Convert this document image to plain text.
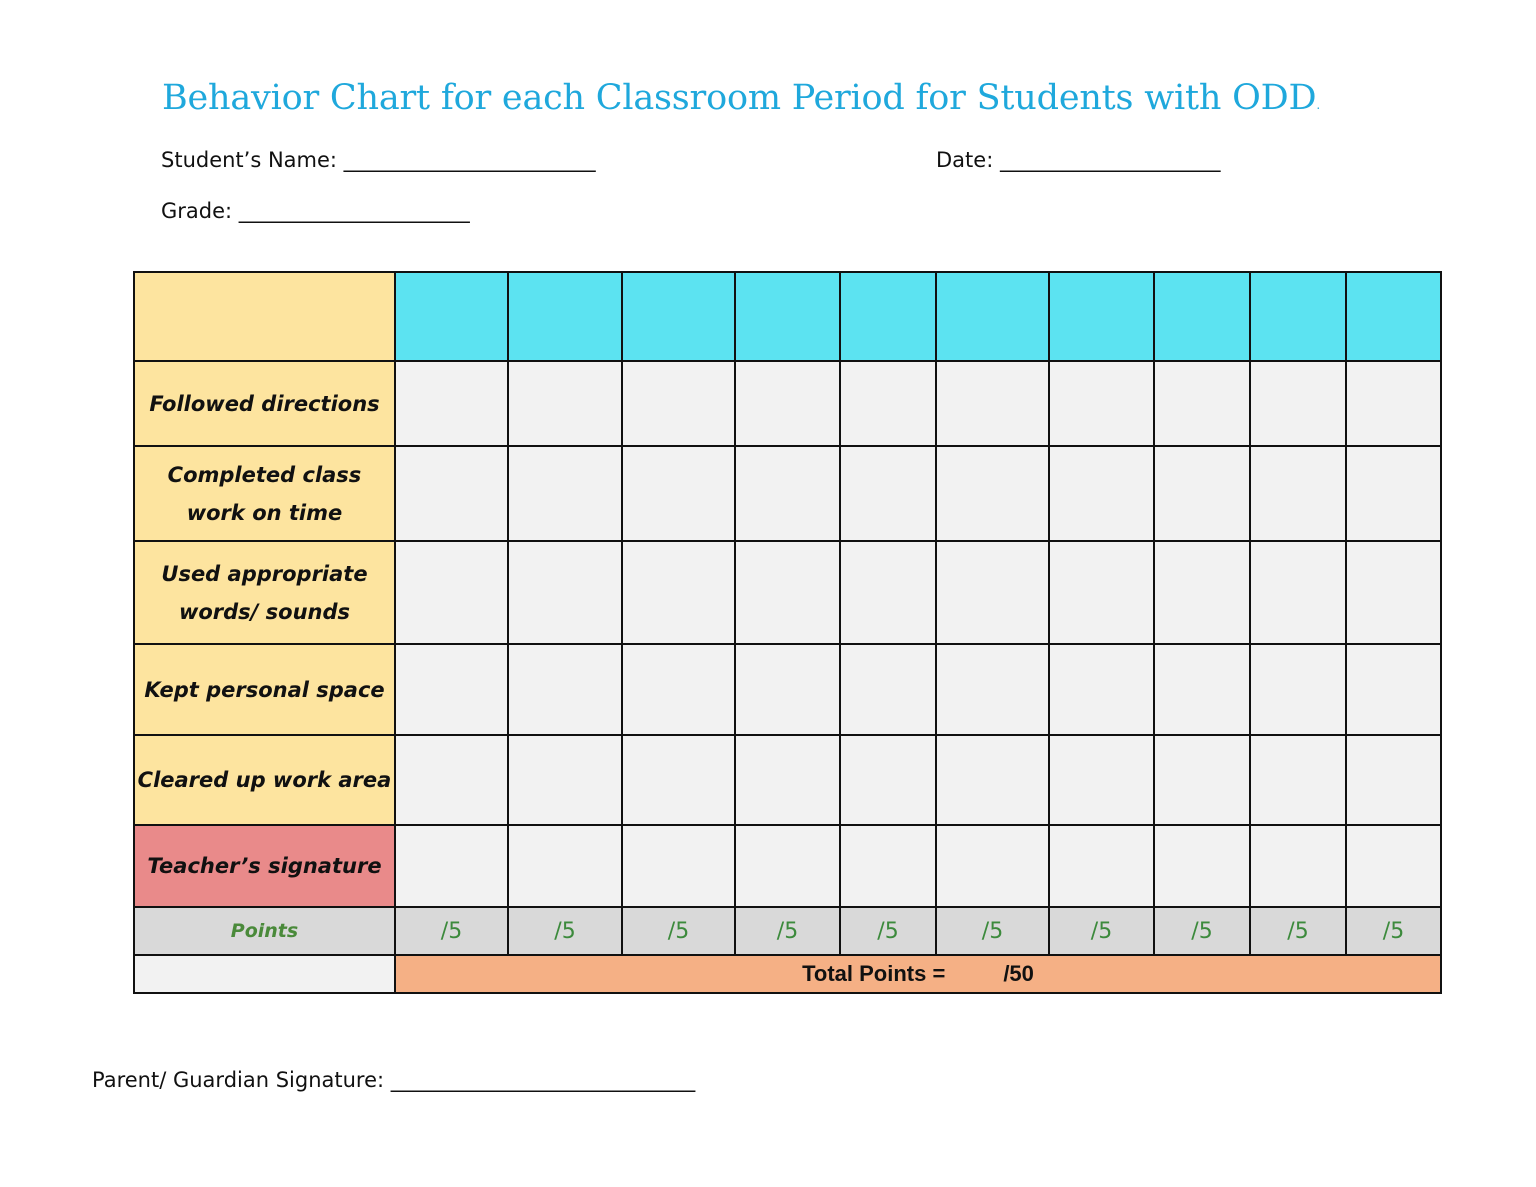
Behavior Chart for each Classroom Period for Students with ODD.
Student’s Name: ________________________	Date: _____________________
Grade: ______________________

Followed directions										
Completed class work on time										
Used appropriate words/ sounds										
Kept personal space										
Cleared up work area										
Teacher’s signature										
Points	/5	/5	/5	/5	/5	/5	/5	/5	/5	/5
	Total Points = /50									
Parent/ Guardian Signature: _____________________________
